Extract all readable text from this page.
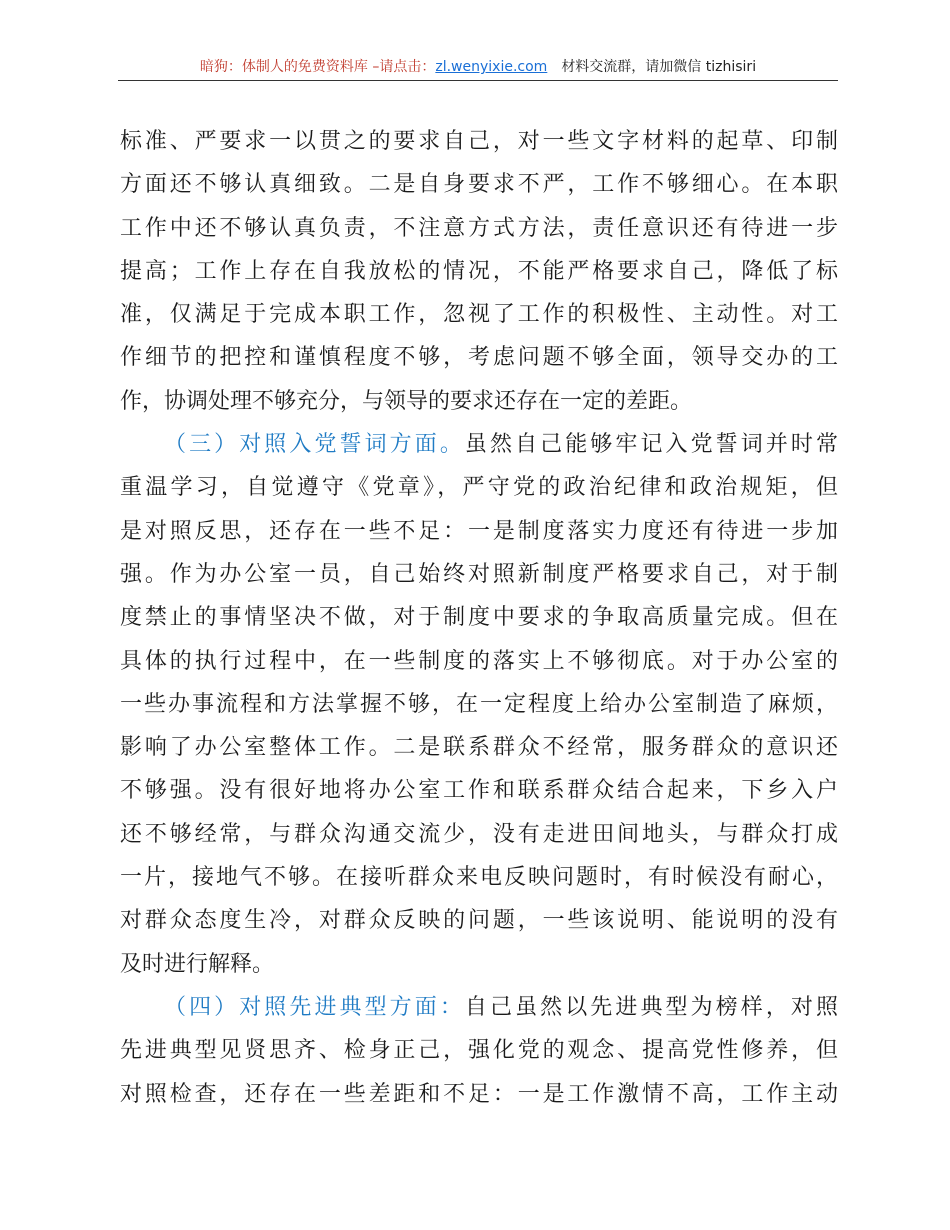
暗狗：体制人的免费资料库 –请点击：zl.wenyixie.com 材料交流群，请加微信 tizhisiri
标准、严要求一以贯之的要求自己，对一些文字材料的起草、印制
方面还不够认真细致。二是自身要求不严，工作不够细心。在本职
工作中还不够认真负责，不注意方式方法，责任意识还有待进一步
提高；工作上存在自我放松的情况，不能严格要求自己，降低了标
准，仅满足于完成本职工作，忽视了工作的积极性、主动性。对工
作细节的把控和谨慎程度不够，考虑问题不够全面，领导交办的工
作，协调处理不够充分，与领导的要求还存在一定的差距。
（三）对照入党誓词方面。虽然自己能够牢记入党誓词并时常
重温学习，自觉遵守《党章》，严守党的政治纪律和政治规矩，但
是对照反思，还存在一些不足：一是制度落实力度还有待进一步加
强。作为办公室一员，自己始终对照新制度严格要求自己，对于制
度禁止的事情坚决不做，对于制度中要求的争取高质量完成。但在
具体的执行过程中，在一些制度的落实上不够彻底。对于办公室的
一些办事流程和方法掌握不够，在一定程度上给办公室制造了麻烦，
影响了办公室整体工作。二是联系群众不经常，服务群众的意识还
不够强。没有很好地将办公室工作和联系群众结合起来，下乡入户
还不够经常，与群众沟通交流少，没有走进田间地头，与群众打成
一片，接地气不够。在接听群众来电反映问题时，有时候没有耐心，
对群众态度生冷，对群众反映的问题，一些该说明、能说明的没有
及时进行解释。
（四）对照先进典型方面：自己虽然以先进典型为榜样，对照
先进典型见贤思齐、检身正己，强化党的观念、提高党性修养，但
对照检查，还存在一些差距和不足：一是工作激情不高，工作主动
